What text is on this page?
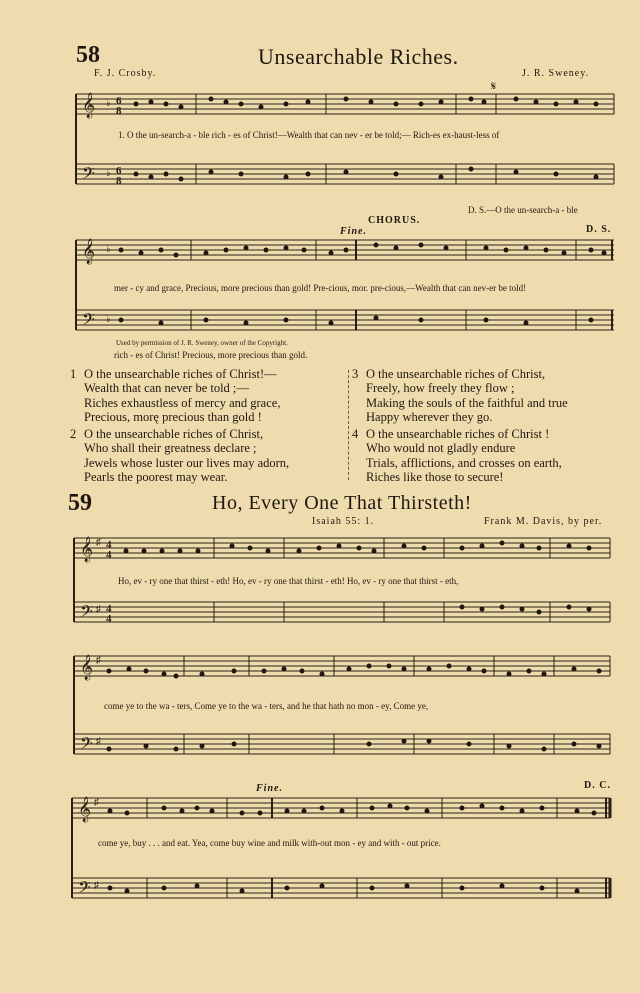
58	Unsearchable Riches.
F. J. Crosby.	J. R. Sweney.
𝄞
𝄢
♭
♭
6
8
6
8
𝄋
1. O the un-search-a - ble rich - es of Christ!—Wealth that can nev - er be told;— Rich-es ex-haust-less of
D. S.—O the un-search-a - ble
CHORUS.
Fine.	D. S.
𝄞
𝄢
♭
♭
mer - cy and grace, Precious, more precious than gold! Pre-cious, mor. pre-cious,—Wealth that can nev-er be told!
Used by permission of J. R. Sweney, owner of the Copyright.
rich - es of Christ! Precious, more precious than gold.
1 O the unsearchable riches of Christ!—
Wealth that can never be told ;—
Riches exhaustless of mercy and grace,
Precious, morę precious than gold !
2 O the unsearchable riches of Christ,
Who shall their greatness declare ;
Jewels whose luster our lives may adorn,
Pearls the poorest may wear.
3 O the unsearchable riches of Christ,
Freely, how freely they flow ;
Making the souls of the faithful and true
Happy wherever they go.
4 O the unsearchable riches of Christ !
Who would not gladly endure
Trials, afflictions, and crosses on earth,
Riches like those to secure!
59	Ho, Every One That Thirsteth!
Isaiah 55: 1.	Frank M. Davis, by per.
𝄞
𝄢
♯
♯
4
4
4
4
Ho, ev - ry one that thirst - eth! Ho, ev - ry one that thirst - eth! Ho, ev - ry one that thirst - eth,
𝄞
𝄢
♯
♯
come ye to the wa - ters, Come ye to the wa - ters, and he that hath no mon - ey, Come ye,
Fine.	D. C.
𝄞
𝄢
♯
♯
come ye, buy . . . and eat. Yea, come buy wine and milk with-out mon - ey and with - out price.
